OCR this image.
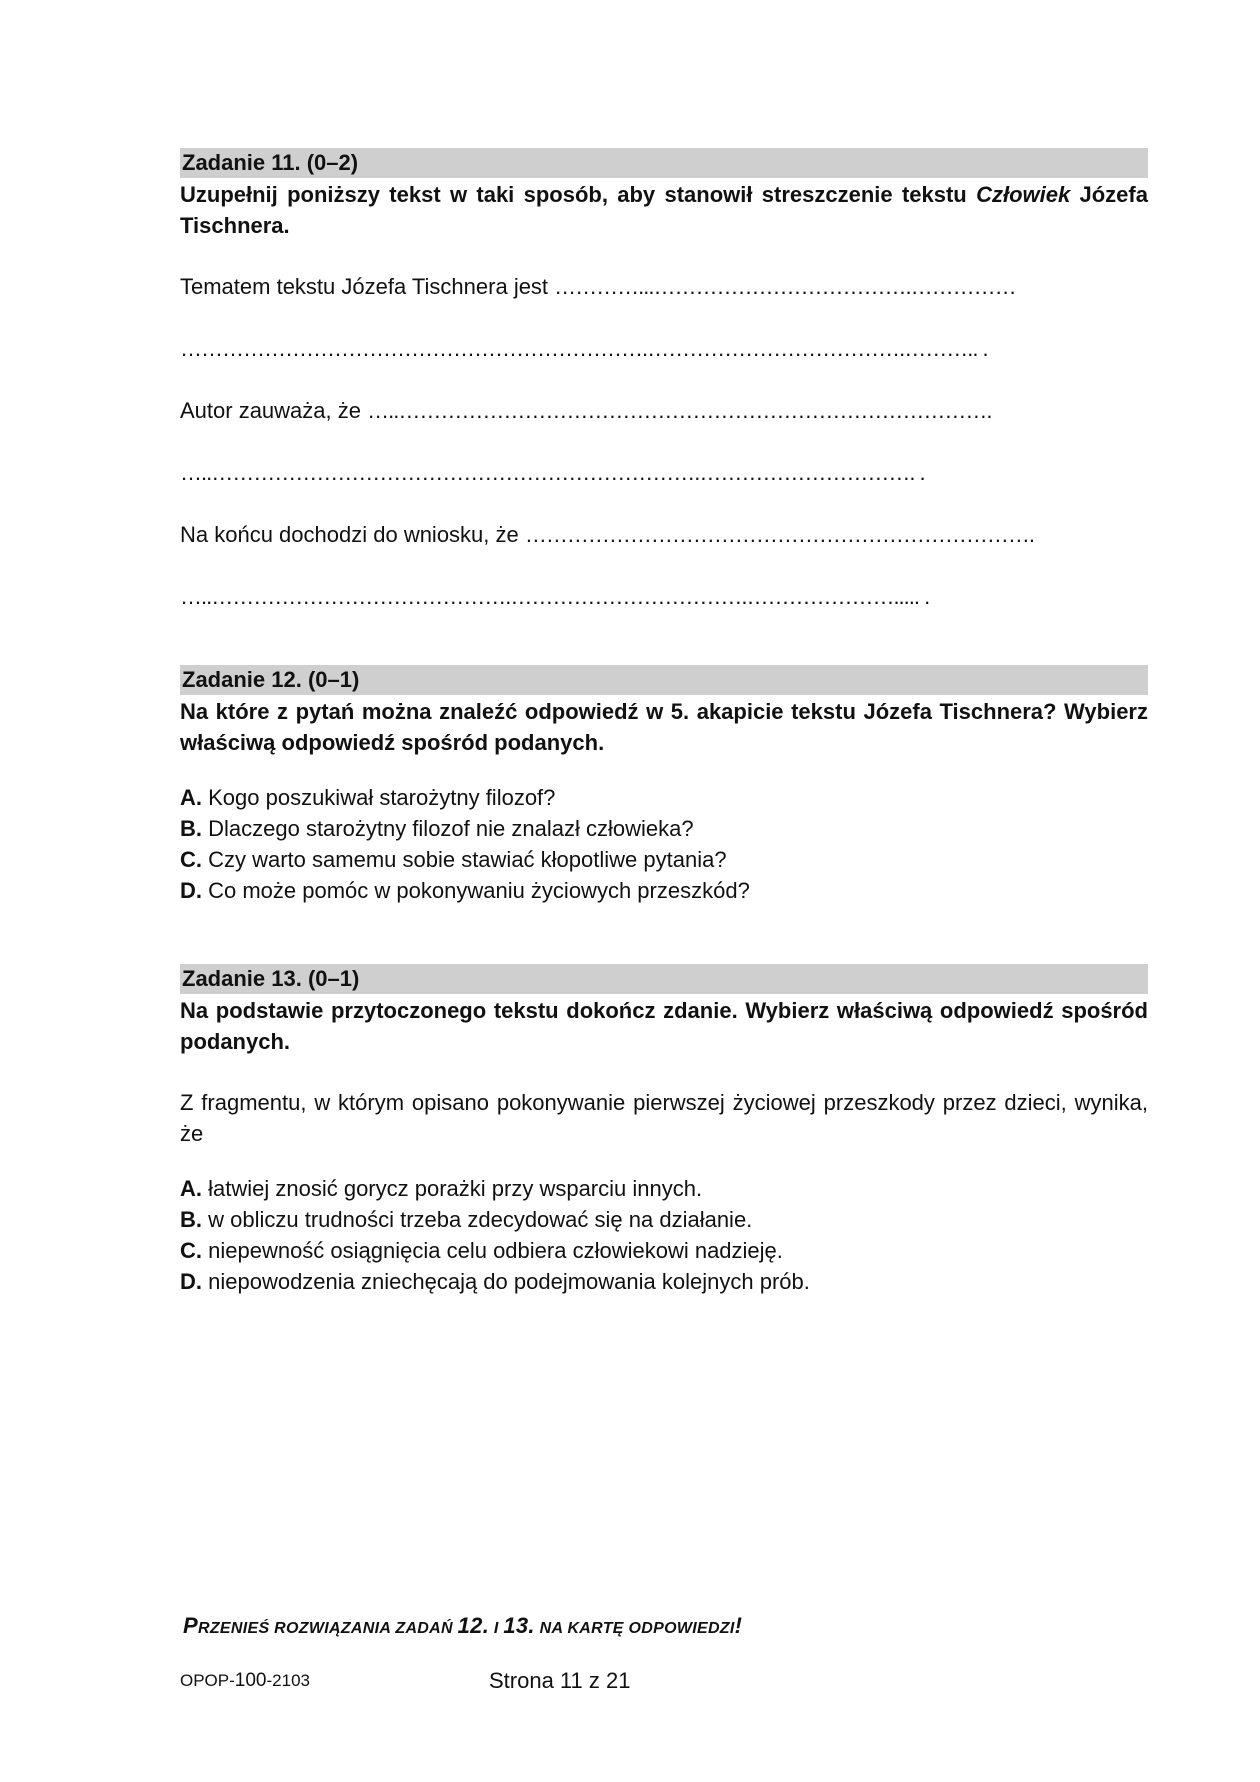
Zadanie 11. (0–2)
Uzupełnij poniższy tekst w taki sposób, aby stanowił streszczenie tekstu Człowiek Józefa Tischnera.
Tematem tekstu Józefa Tischnera jest …………...……………………………….……………
………………………………………………………….……………………………….……….. .
Autor zauważa, że …..………………………………………………………………………….
…..…………………………………………………………….…………………………. .
Na końcu dochodzi do wniosku, że ……………………………………………………………….
…..…………………………………….…………………………….…………………..... .
Zadanie 12. (0–1)
Na które z pytań można znaleźć odpowiedź w 5. akapicie tekstu Józefa Tischnera? Wybierz właściwą odpowiedź spośród podanych.
A. Kogo poszukiwał starożytny filozof?
B. Dlaczego starożytny filozof nie znalazł człowieka?
C. Czy warto samemu sobie stawiać kłopotliwe pytania?
D. Co może pomóc w pokonywaniu życiowych przeszkód?
Zadanie 13. (0–1)
Na podstawie przytoczonego tekstu dokończ zdanie. Wybierz właściwą odpowiedź spośród podanych.
Z fragmentu, w którym opisano pokonywanie pierwszej życiowej przeszkody przez dzieci, wynika, że
A. łatwiej znosić gorycz porażki przy wsparciu innych.
B. w obliczu trudności trzeba zdecydować się na działanie.
C. niepewność osiągnięcia celu odbiera człowiekowi nadzieję.
D. niepowodzenia zniechęcają do podejmowania kolejnych prób.
PRZENIEŚ ROZWIĄZANIA ZADAŃ 12. I 13. NA KARTĘ ODPOWIEDZI!
OPOP-100-2103	Strona 11 z 21
